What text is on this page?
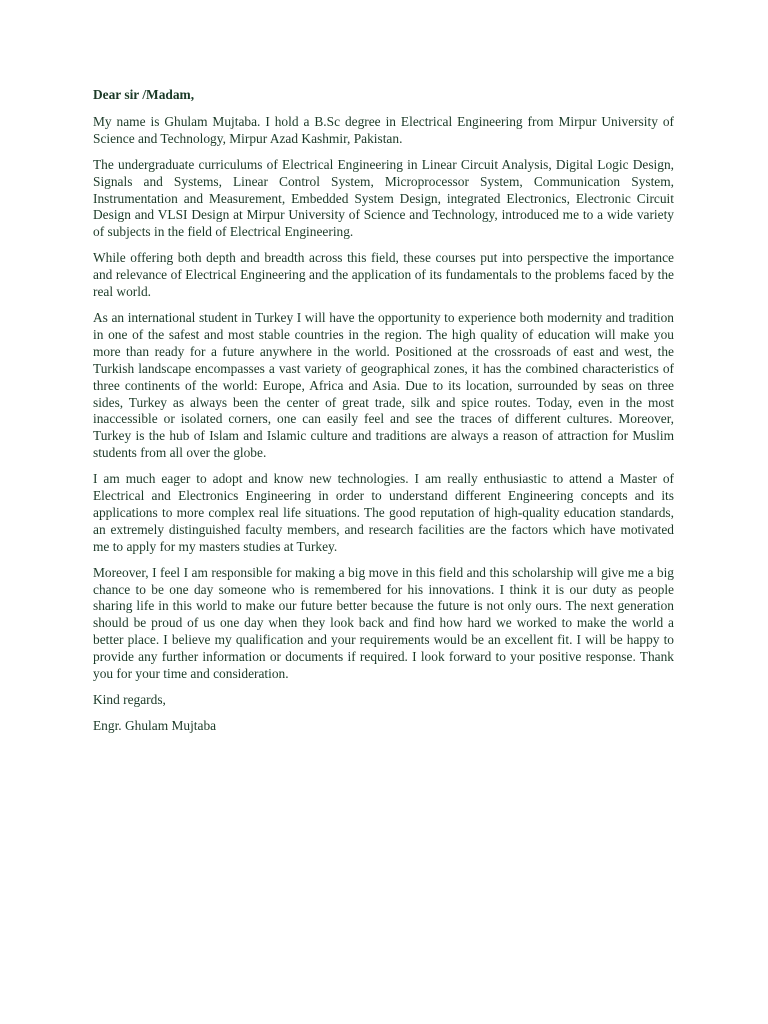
Dear sir /Madam,

My name is Ghulam Mujtaba. I hold a B.Sc degree in Electrical Engineering from Mirpur University of Science and Technology, Mirpur Azad Kashmir, Pakistan.

The undergraduate curriculums of Electrical Engineering in Linear Circuit Analysis, Digital Logic Design, Signals and Systems, Linear Control System, Microprocessor System, Communication System, Instrumentation and Measurement, Embedded System Design, integrated Electronics, Electronic Circuit Design and VLSI Design at Mirpur University of Science and Technology, introduced me to a wide variety of subjects in the field of Electrical Engineering.

While offering both depth and breadth across this field, these courses put into perspective the importance and relevance of Electrical Engineering and the application of its fundamentals to the problems faced by the real world.

As an international student in Turkey I will have the opportunity to experience both modernity and tradition in one of the safest and most stable countries in the region. The high quality of education will make you more than ready for a future anywhere in the world. Positioned at the crossroads of east and west, the Turkish landscape encompasses a vast variety of geographical zones, it has the combined characteristics of three continents of the world: Europe, Africa and Asia. Due to its location, surrounded by seas on three sides, Turkey as always been the center of great trade, silk and spice routes. Today, even in the most inaccessible or isolated corners, one can easily feel and see the traces of different cultures. Moreover, Turkey is the hub of Islam and Islamic culture and traditions are always a reason of attraction for Muslim students from all over the globe.

I am much eager to adopt and know new technologies. I am really enthusiastic to attend a Master of Electrical and Electronics Engineering in order to understand different Engineering concepts and its applications to more complex real life situations. The good reputation of high-quality education standards, an extremely distinguished faculty members, and research facilities are the factors which have motivated me to apply for my masters studies at Turkey.

Moreover, I feel I am responsible for making a big move in this field and this scholarship will give me a big chance to be one day someone who is remembered for his innovations. I think it is our duty as people sharing life in this world to make our future better because the future is not only ours. The next generation should be proud of us one day when they look back and find how hard we worked to make the world a better place. I believe my qualification and your requirements would be an excellent fit. I will be happy to provide any further information or documents if required. I look forward to your positive response. Thank you for your time and consideration.

Kind regards,

Engr. Ghulam Mujtaba
